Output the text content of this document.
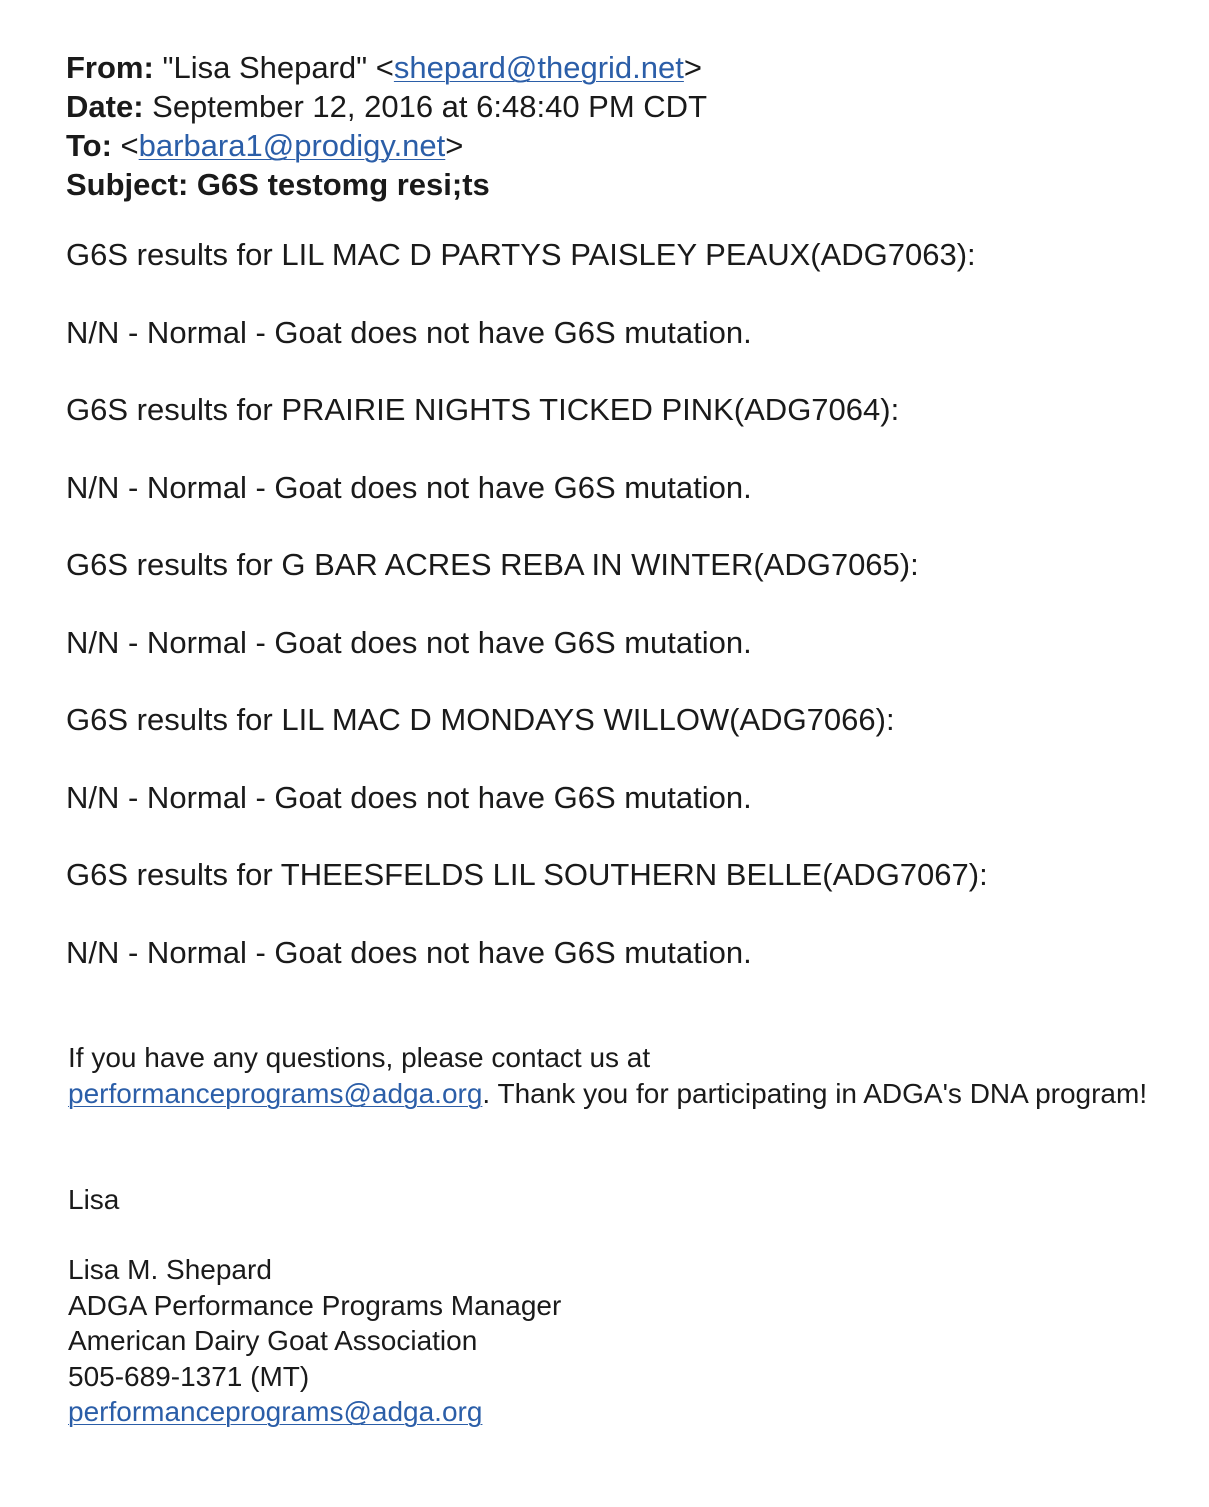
From: "Lisa Shepard" <shepard@thegrid.net>
Date: September 12, 2016 at 6:48:40 PM CDT
To: <barbara1@prodigy.net>
Subject: G6S testomg resi;ts

G6S results for LIL MAC D PARTYS PAISLEY PEAUX(ADG7063):

N/N - Normal - Goat does not have G6S mutation.

G6S results for PRAIRIE NIGHTS TICKED PINK(ADG7064):

N/N - Normal - Goat does not have G6S mutation.

G6S results for G BAR ACRES REBA IN WINTER(ADG7065):

N/N - Normal - Goat does not have G6S mutation.

G6S results for LIL MAC D MONDAYS WILLOW(ADG7066):

N/N - Normal - Goat does not have G6S mutation.

G6S results for THEESFELDS LIL SOUTHERN BELLE(ADG7067):

N/N - Normal - Goat does not have G6S mutation.

If you have any questions, please contact us at
performanceprograms@adga.org. Thank you for participating in ADGA's DNA program!

Lisa
Lisa M. Shepard
ADGA Performance Programs Manager
American Dairy Goat Association
505-689-1371 (MT)
performanceprograms@adga.org
